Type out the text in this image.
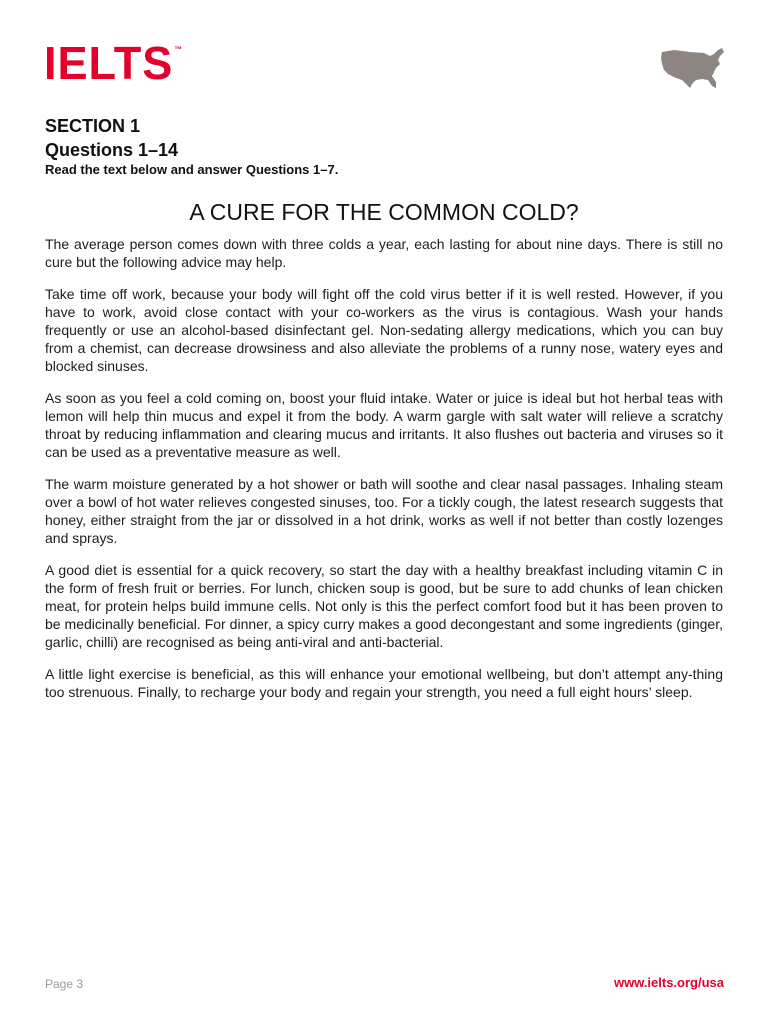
IELTS™

SECTION 1

Questions 1–14

Read the text below and answer Questions 1–7.

A CURE FOR THE COMMON COLD?

The average person comes down with three colds a year, each lasting for about nine days. There is still no cure but the following advice may help.

Take time off work, because your body will fight off the cold virus better if it is well rested. However, if you have to work, avoid close contact with your co-workers as the virus is contagious. Wash your hands frequently or use an alcohol-based disinfectant gel. Non-sedating allergy medications, which you can buy from a chemist, can decrease drowsiness and also alleviate the problems of a runny nose, watery eyes and blocked sinuses.

As soon as you feel a cold coming on, boost your fluid intake. Water or juice is ideal but hot herbal teas with lemon will help thin mucus and expel it from the body. A warm gargle with salt water will relieve a scratchy throat by reducing inflammation and clearing mucus and irritants. It also flushes out bacteria and viruses so it can be used as a preventative measure as well.

The warm moisture generated by a hot shower or bath will soothe and clear nasal passages. Inhaling steam over a bowl of hot water relieves congested sinuses, too. For a tickly cough, the latest research suggests that honey, either straight from the jar or dissolved in a hot drink, works as well if not better than costly lozenges and sprays.

A good diet is essential for a quick recovery, so start the day with a healthy breakfast including vitamin C in the form of fresh fruit or berries. For lunch, chicken soup is good, but be sure to add chunks of lean chicken meat, for protein helps build immune cells. Not only is this the perfect comfort food but it has been proven to be medicinally beneficial. For dinner, a spicy curry makes a good decongestant and some ingredients (ginger, garlic, chilli) are recognised as being anti-viral and anti-bacterial.

A little light exercise is beneficial, as this will enhance your emotional wellbeing, but don’t attempt any-thing too strenuous. Finally, to recharge your body and regain your strength, you need a full eight hours’ sleep.

Page 3	www.ielts.org/usa
